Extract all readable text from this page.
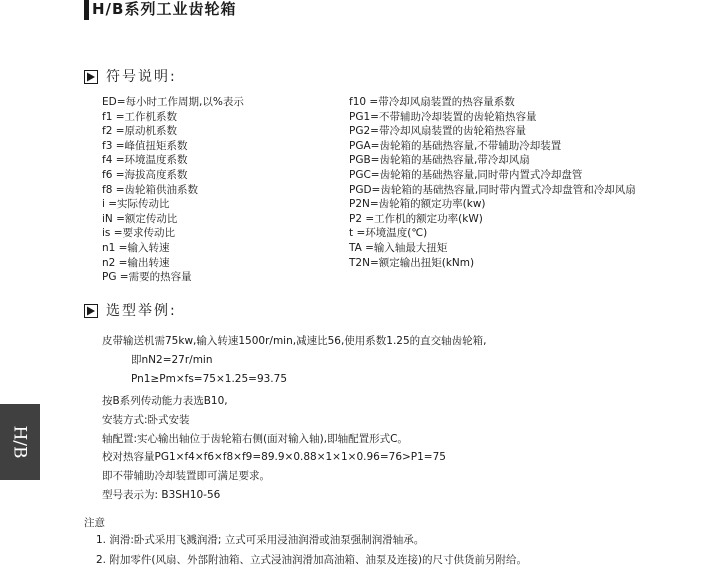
H/B系列工业齿轮箱
符号说明:
ED=每小时工作周期,以%表示
f1 =工作机系数
f2 =原动机系数
f3 =峰值扭矩系数
f4 =环境温度系数
f6 =海拔高度系数
f8 =齿轮箱供油系数
i =实际传动比
iN =额定传动比
is =要求传动比
n1 =输入转速
n2 =输出转速
PG =需要的热容量
f10 =带冷却风扇装置的热容量系数
PG1=不带辅助冷却装置的齿轮箱热容量
PG2=带冷却风扇装置的齿轮箱热容量
PGA=齿轮箱的基础热容量,不带辅助冷却装置
PGB=齿轮箱的基础热容量,带冷却风扇
PGC=齿轮箱的基础热容量,同时带内置式冷却盘管
PGD=齿轮箱的基础热容量,同时带内置式冷却盘管和冷却风扇
P2N=齿轮箱的额定功率(kw)
P2 =工作机的额定功率(kW)
t =环境温度(℃)
TA =输入轴最大扭矩
T2N=额定输出扭矩(kNm)
选型举例:
皮带输送机需75kw,输入转速1500r/min,减速比56,使用系数1.25的直交轴齿轮箱,
即nN2=27r/min
Pn1≥Pm×fs=75×1.25=93.75
按B系列传动能力表选B10,
安装方式:卧式安装
轴配置:实心输出轴位于齿轮箱右侧(面对输入轴),即轴配置形式C。
校对热容量PG1×f4×f6×f8×f9=89.9×0.88×1×1×0.96=76>P1=75
即不带辅助冷却装置即可满足要求。
型号表示为: B3SH10-56
注意
1. 润滑:卧式采用飞溅润滑; 立式可采用浸油润滑或油泵强制润滑轴承。
2. 附加零件(风扇、外部附油箱、立式浸油润滑加高油箱、油泵及连接)的尺寸供货前另附给。
H/B
